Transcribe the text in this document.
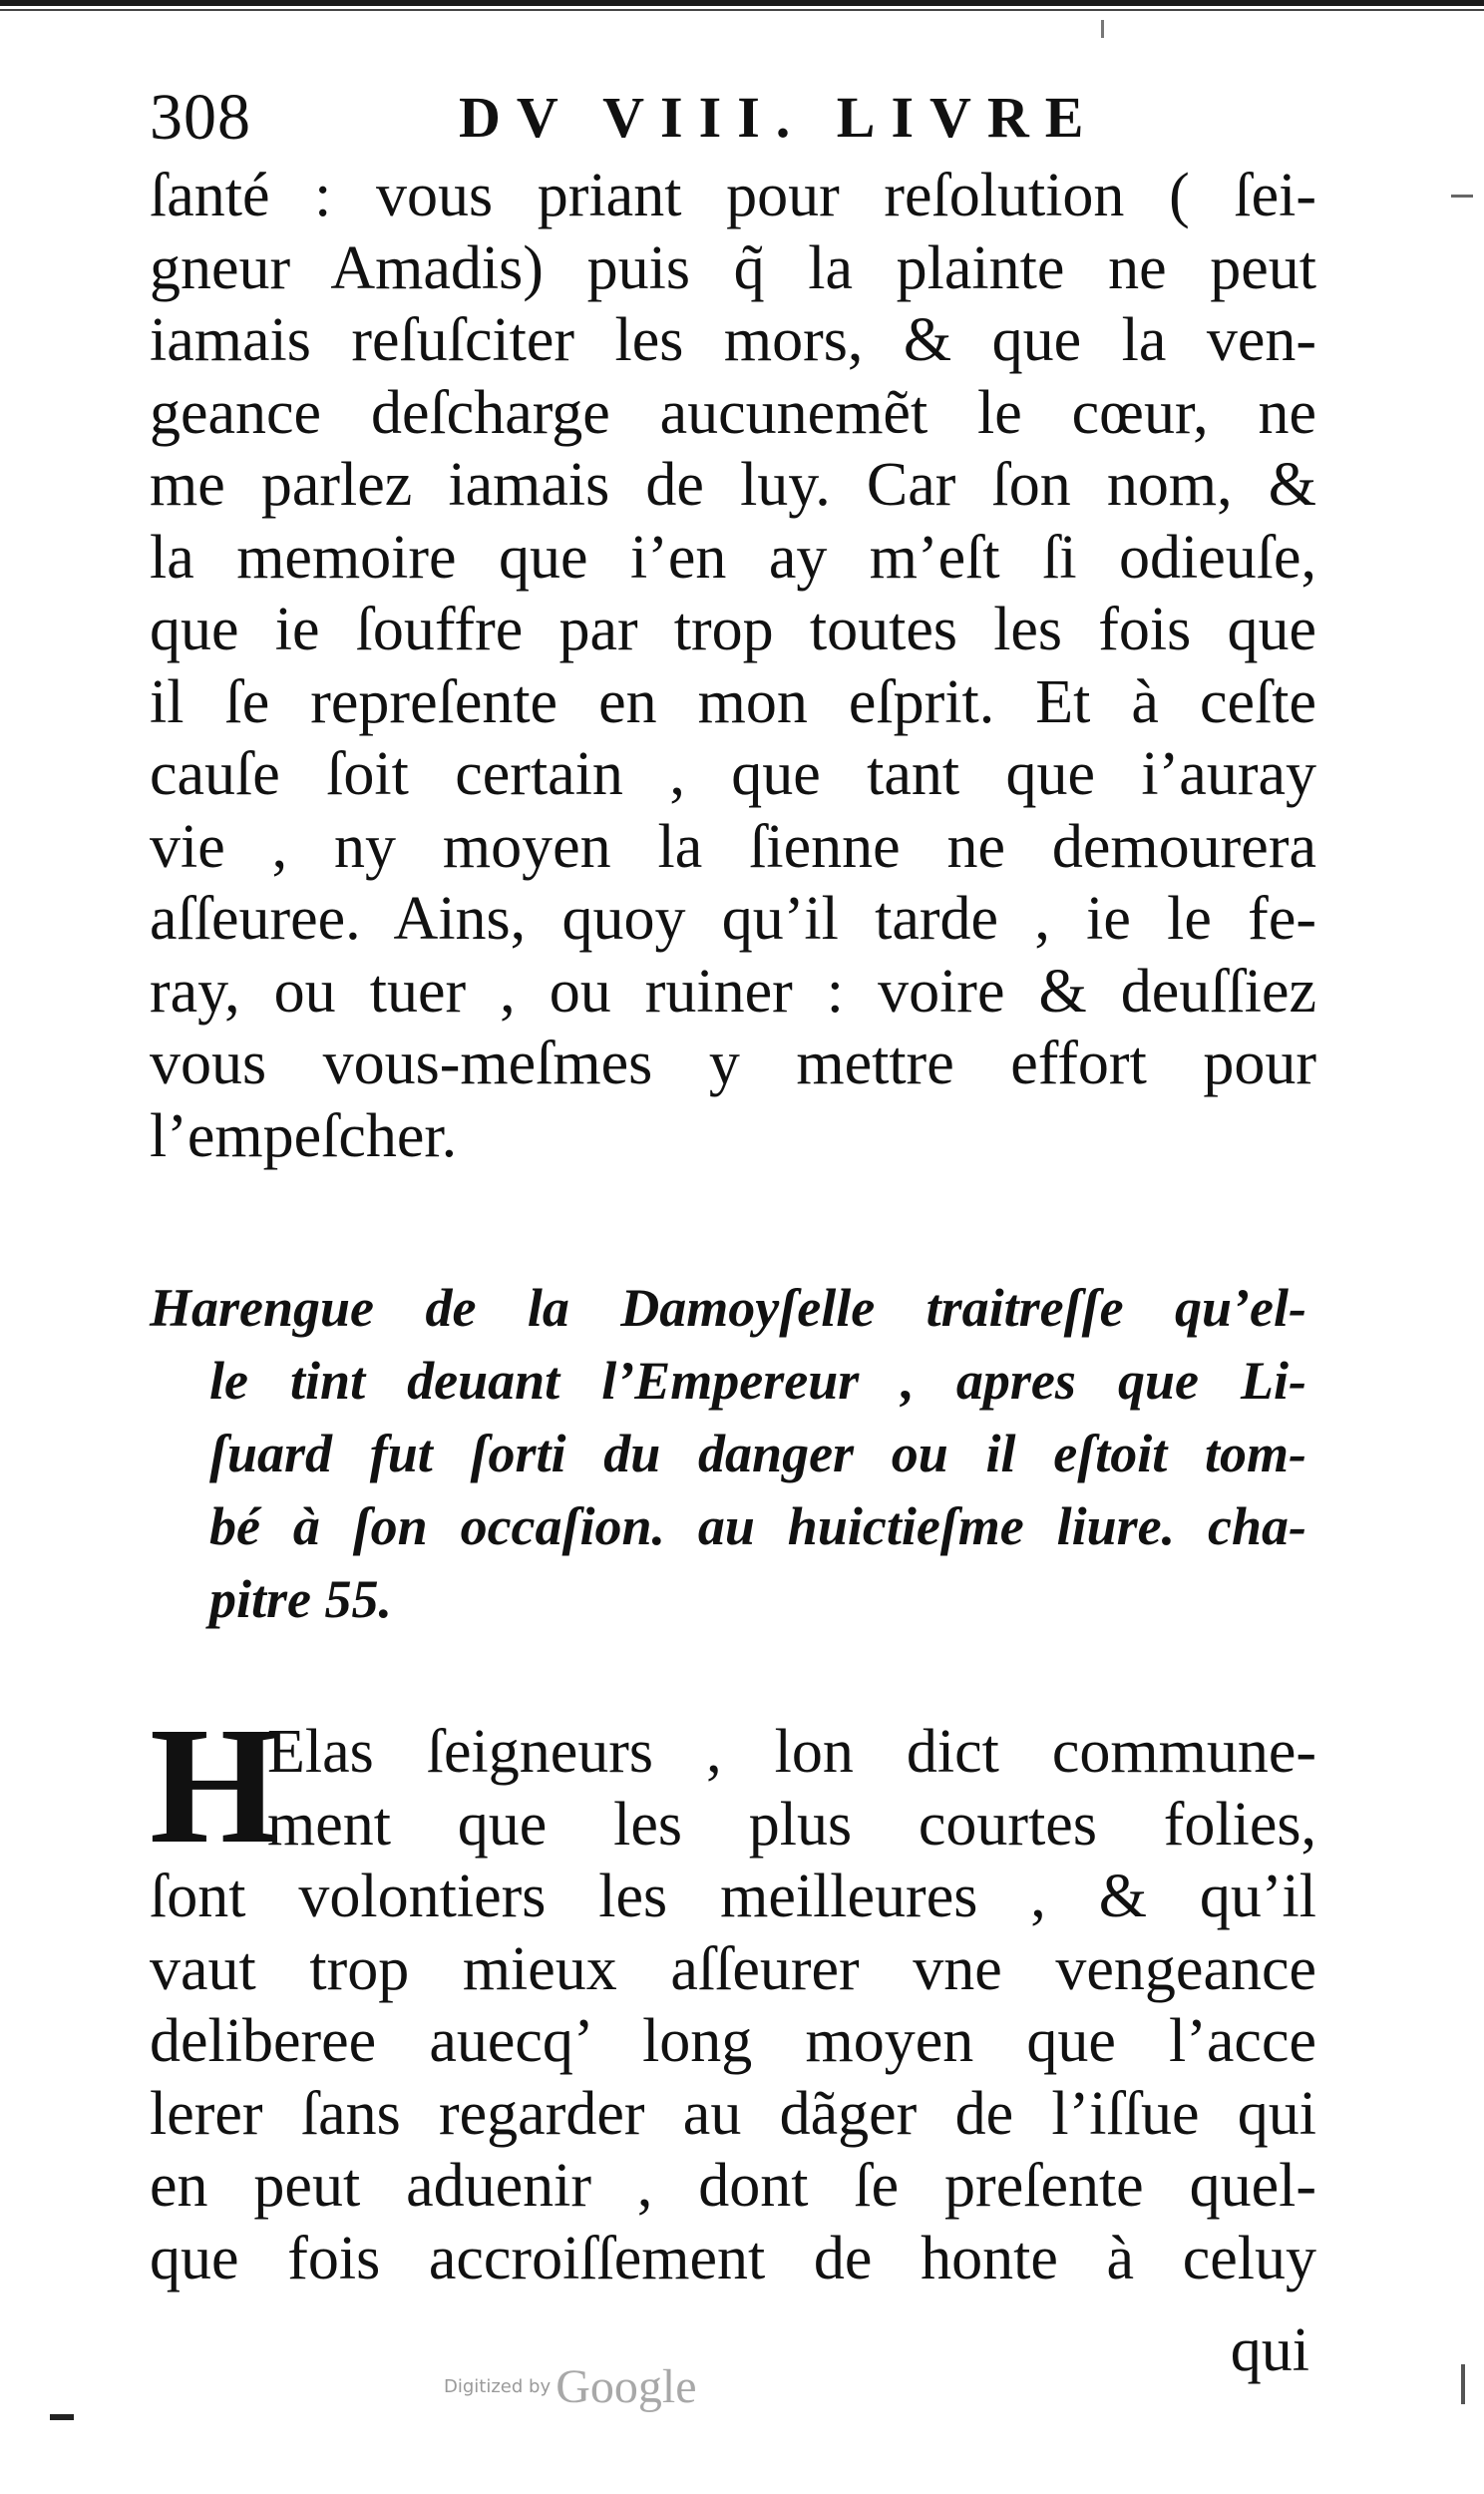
308	DV VIII. LIVRE
ſanté : vous priant pour reſolution ( ſei-
gneur Amadis) puis q̃ la plainte ne peut
iamais reſuſciter les mors, & que la ven-
geance deſcharge aucunemẽt le cœur, ne
me parlez iamais de luy. Car ſon nom, &
la memoire que i’en ay m’eſt ſi odieuſe,
que ie ſouffre par trop toutes les fois que
il ſe repreſente en mon eſprit. Et à ceſte
cauſe ſoit certain , que tant que i’auray
vie , ny moyen la ſienne ne demourera
aſſeuree. Ains, quoy qu’il tarde , ie le fe-
ray, ou tuer , ou ruiner : voire & deuſſiez
vous vous-meſmes y mettre effort pour
l’empeſcher.
Harengue de la Damoyſelle traitreſſe qu’el-
le tint deuant l’Empereur , apres que Li-
ſuard fut ſorti du danger ou il eſtoit tom-
bé à ſon occaſion. au huictieſme liure. cha-
pitre 55.
H
Elas ſeigneurs , lon dict commune-
ment que les plus courtes folies,
ſont volontiers les meilleures , & qu’il
vaut trop mieux aſſeurer vne vengeance
deliberee auecq’ long moyen que l’acce
lerer ſans regarder au dãger de l’iſſue qui
en peut aduenir , dont ſe preſente quel-
que fois accroiſſement de honte à celuy
qui
Digitized by Google
